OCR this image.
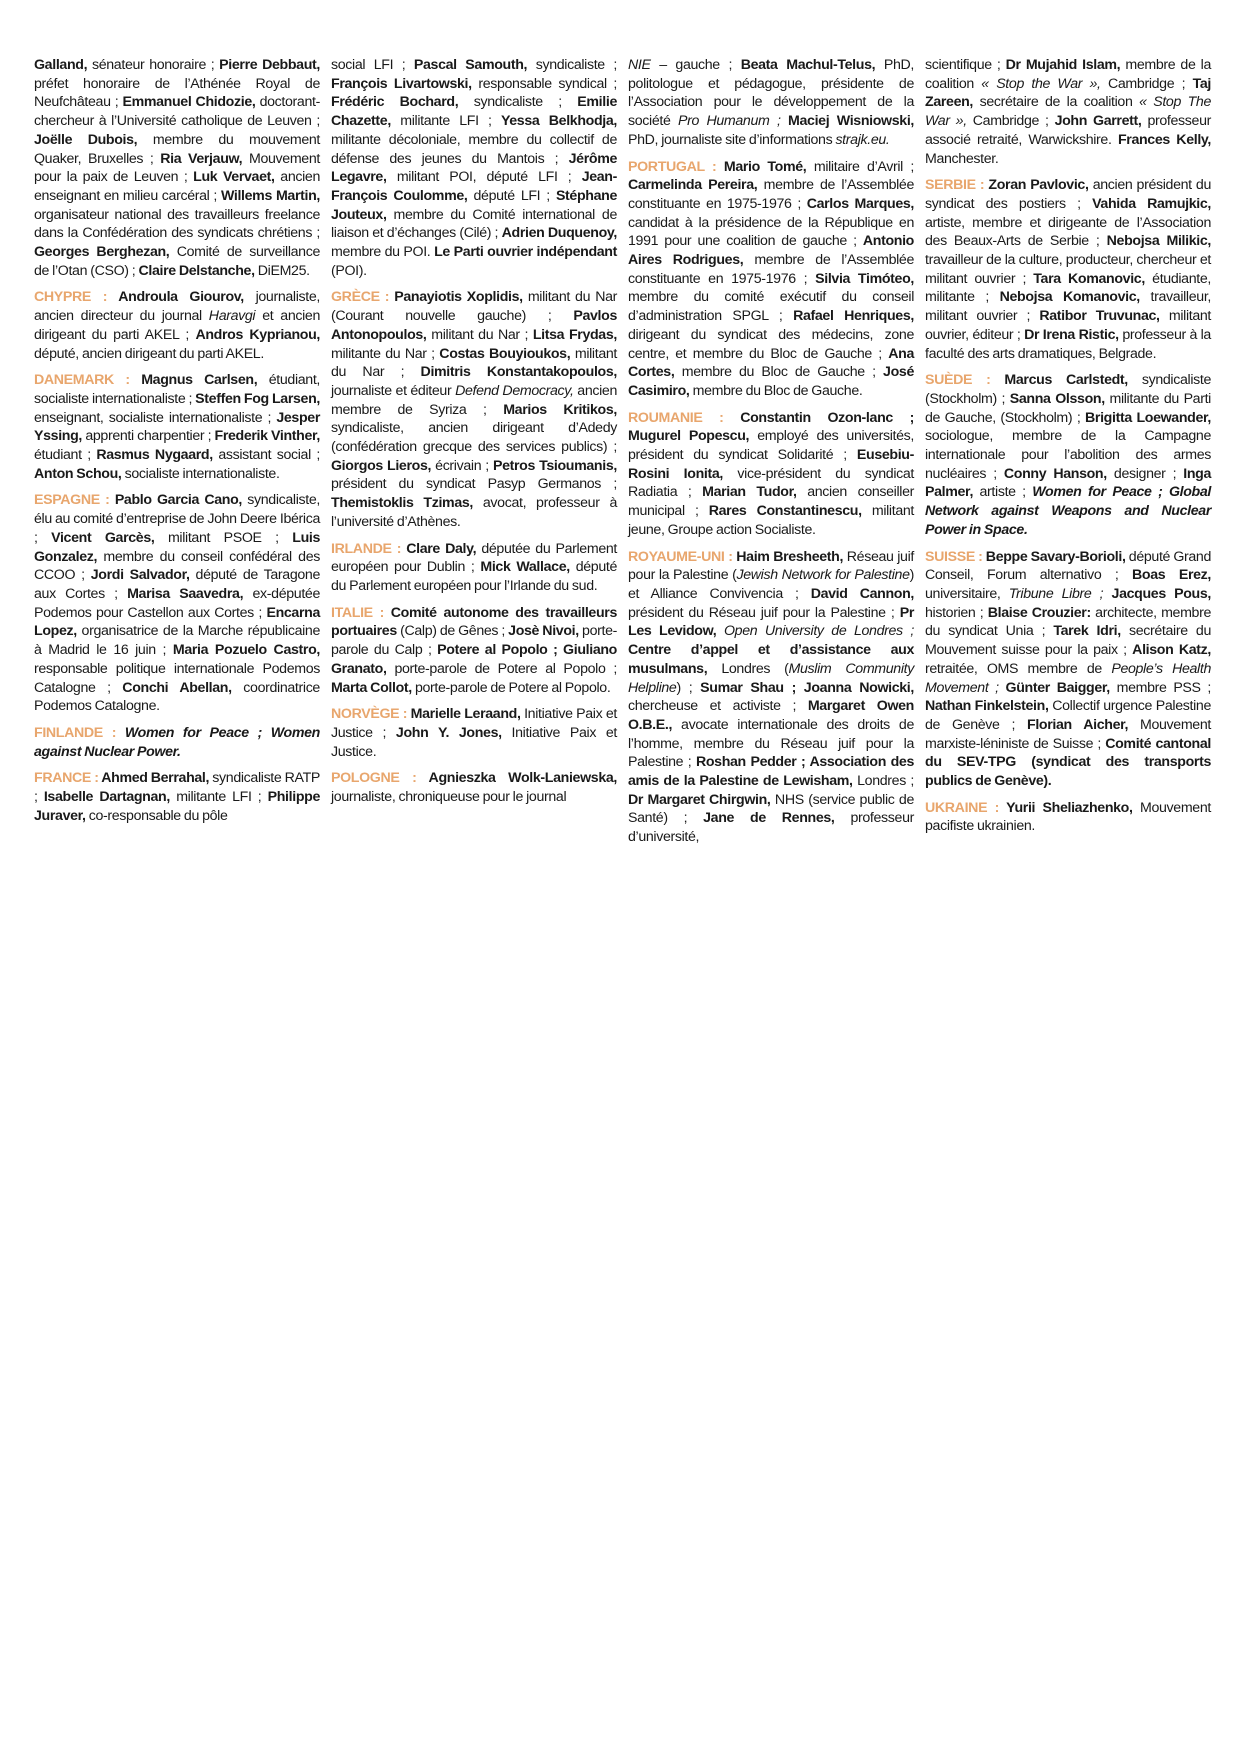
Galland, sénateur honoraire ; Pierre Debbaut, préfet honoraire de l’Athénée Royal de Neufchâteau ; Emmanuel Chidozie, doctorant-chercheur à l’Université catholique de Leuven ; Joëlle Dubois, membre du mouvement Quaker, Bruxelles ; Ria Verjauw, Mouvement pour la paix de Leuven ; Luk Vervaet, ancien enseignant en milieu carcéral ; Willems Martin, organisateur national des travailleurs freelance dans la Confédération des syndicats chrétiens ; Georges Berghezan, Comité de surveillance de l’Otan (CSO) ; Claire Delstanche, DiEM25.

CHYPRE : Androula Giourov, journaliste, ancien directeur du journal Haravgi et ancien dirigeant du parti AKEL ; Andros Kyprianou, député, ancien dirigeant du parti AKEL.

DANEMARK : Magnus Carlsen, étudiant, socialiste internationaliste ; Steffen Fog Larsen, enseignant, socialiste internationaliste ; Jesper Yssing, apprenti charpentier ; Frederik Vinther, étudiant ; Rasmus Nygaard, assistant social ; Anton Schou, socialiste internationaliste.

ESPAGNE : Pablo Garcia Cano, syndicaliste, élu au comité d’entreprise de John Deere Ibérica ; Vicent Garcès, militant PSOE ; Luis Gonzalez, membre du conseil confédéral des CCOO ; Jordi Salvador, député de Taragone aux Cortes ; Marisa Saavedra, ex-députée Podemos pour Castellon aux Cortes ; Encarna Lopez, organisatrice de la Marche républicaine à Madrid le 16 juin ; Maria Pozuelo Castro, responsable politique internationale Podemos Catalogne ; Conchi Abellan, coordinatrice Podemos Catalogne.

FINLANDE : Women for Peace ; Women against Nuclear Power.

FRANCE : Ahmed Berrahal, syndicaliste RATP ; Isabelle Dartagnan, militante LFI ; Philippe Juraver, co-responsable du pôle

social LFI ; Pascal Samouth, syndicaliste ; François Livartowski, responsable syndical ; Frédéric Bochard, syndicaliste ; Emilie Chazette, militante LFI ; Yessa Belkhodja, militante décoloniale, membre du collectif de défense des jeunes du Mantois ; Jérôme Legavre, militant POI, député LFI ; Jean-François Coulomme, député LFI ; Stéphane Jouteux, membre du Comité international de liaison et d’échanges (Cilé) ; Adrien Duquenoy, membre du POI. Le Parti ouvrier indépendant (POI).

GRÈCE : Panayiotis Xoplidis, militant du Nar (Courant nouvelle gauche) ; Pavlos Antonopoulos, militant du Nar ; Litsa Frydas, militante du Nar ; Costas Bouyioukos, militant du Nar ; Dimitris Konstantakopoulos, journaliste et éditeur Defend Democracy, ancien membre de Syriza ; Marios Kritikos, syndicaliste, ancien dirigeant d’Adedy (confédération grecque des services publics) ; Giorgos Lieros, écrivain ; Petros Tsioumanis, président du syndicat Pasyp Germanos ; Themistoklis Tzimas, avocat, professeur à l’université d’Athènes.

IRLANDE : Clare Daly, députée du Parlement européen pour Dublin ; Mick Wallace, député du Parlement européen pour l’Irlande du sud.

ITALIE : Comité autonome des travailleurs portuaires (Calp) de Gênes ; Josè Nivoi, porte-parole du Calp ; Potere al Popolo ; Giuliano Granato, porte-parole de Potere al Popolo ; Marta Collot, porte-parole de Potere al Popolo.

NORVÈGE : Marielle Leraand, Initiative Paix et Justice ; John Y. Jones, Initiative Paix et Justice.

POLOGNE : Agnieszka Wolk-Laniewska, journaliste, chroniqueuse pour le journal

NIE – gauche ; Beata Machul-Telus, PhD, politologue et pédagogue, présidente de l’Association pour le développement de la société Pro Humanum ; Maciej Wisniowski, PhD, journaliste site d’informations strajk.eu.

PORTUGAL : Mario Tomé, militaire d’Avril ; Carmelinda Pereira, membre de l’Assemblée constituante en 1975-1976 ; Carlos Marques, candidat à la présidence de la République en 1991 pour une coalition de gauche ; Antonio Aires Rodrigues, membre de l’Assemblée constituante en 1975-1976 ; Silvia Timóteo, membre du comité exécutif du conseil d’administration SPGL ; Rafael Henriques, dirigeant du syndicat des médecins, zone centre, et membre du Bloc de Gauche ; Ana Cortes, membre du Bloc de Gauche ; José Casimiro, membre du Bloc de Gauche.

ROUMANIE : Constantin Ozon-lanc ; Mugurel Popescu, employé des universités, président du syndicat Solidarité ; Eusebiu-Rosini Ionita, vice-président du syndicat Radiatia ; Marian Tudor, ancien conseiller municipal ; Rares Constantinescu, militant jeune, Groupe action Socialiste.

ROYAUME-UNI : Haim Bresheeth, Réseau juif pour la Palestine (Jewish Network for Palestine) et Alliance Convivencia ; David Cannon, président du Réseau juif pour la Palestine ; Pr Les Levidow, Open University de Londres ; Centre d’appel et d’assistance aux musulmans, Londres (Muslim Community Helpline) ; Sumar Shau ; Joanna Nowicki, chercheuse et activiste ; Margaret Owen O.B.E., avocate internationale des droits de l’homme, membre du Réseau juif pour la Palestine ; Roshan Pedder ; Association des amis de la Palestine de Lewisham, Londres ; Dr Margaret Chirgwin, NHS (service public de Santé) ; Jane de Rennes, professeur d’université,

scientifique ; Dr Mujahid Islam, membre de la coalition « Stop the War », Cambridge ; Taj Zareen, secrétaire de la coalition « Stop The War », Cambridge ; John Garrett, professeur associé retraité, Warwickshire. Frances Kelly, Manchester.

SERBIE : Zoran Pavlovic, ancien président du syndicat des postiers ; Vahida Ramujkic, artiste, membre et dirigeante de l’Association des Beaux-Arts de Serbie ; Nebojsa Milikic, travailleur de la culture, producteur, chercheur et militant ouvrier ; Tara Komanovic, étudiante, militante ; Nebojsa Komanovic, travailleur, militant ouvrier ; Ratibor Truvunac, militant ouvrier, éditeur ; Dr Irena Ristic, professeur à la faculté des arts dramatiques, Belgrade.

SUÈDE : Marcus Carlstedt, syndicaliste (Stockholm) ; Sanna Olsson, militante du Parti de Gauche, (Stockholm) ; Brigitta Loewander, sociologue, membre de la Campagne internationale pour l’abolition des armes nucléaires ; Conny Hanson, designer ; Inga Palmer, artiste ; Women for Peace ; Global Network against Weapons and Nuclear Power in Space.

SUISSE : Beppe Savary-Borioli, député Grand Conseil, Forum alternativo ; Boas Erez, universitaire, Tribune Libre ; Jacques Pous, historien ; Blaise Crouzier: architecte, membre du syndicat Unia ; Tarek Idri, secrétaire du Mouvement suisse pour la paix ; Alison Katz, retraitée, OMS membre de People’s Health Movement ; Günter Baigger, membre PSS ; Nathan Finkelstein, Collectif urgence Palestine de Genève ; Florian Aicher, Mouvement marxiste-léniniste de Suisse ; Comité cantonal du SEV-TPG (syndicat des transports publics de Genève).

UKRAINE : Yurii Sheliazhenko, Mouvement pacifiste ukrainien.
